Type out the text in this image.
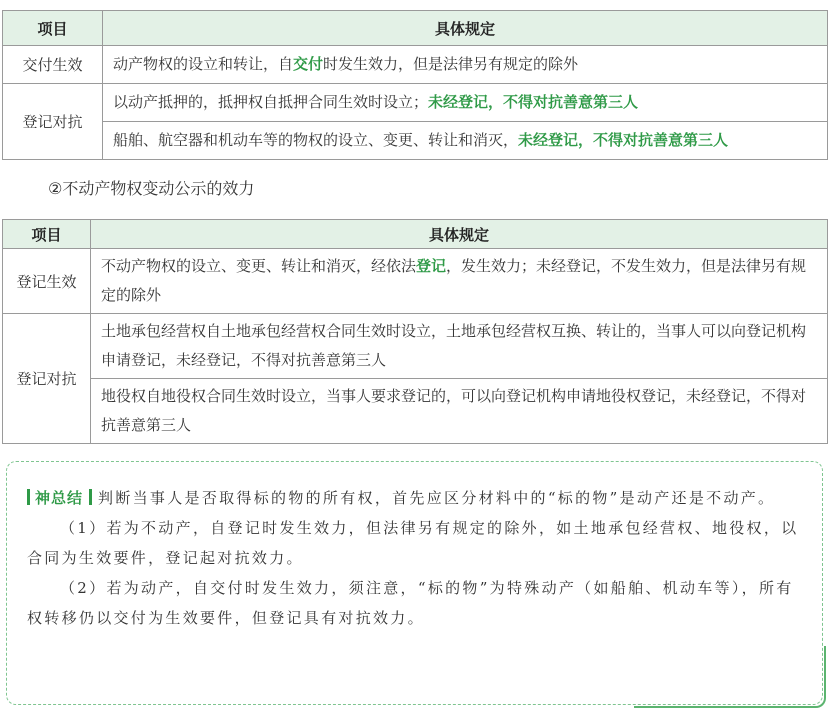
项目	具体规定
交付生效	动产物权的设立和转让，自交付时发生效力，但是法律另有规定的除外
登记对抗	以动产抵押的，抵押权自抵押合同生效时设立；未经登记，不得对抗善意第三人
	船舶、航空器和机动车等的物权的设立、变更、转让和消灭，未经登记，不得对抗善意第三人
②不动产物权变动公示的效力
项目	具体规定
登记生效	不动产物权的设立、变更、转让和消灭，经依法登记，发生效力；未经登记，不发生效力，但是法律另有规定的除外
登记对抗	土地承包经营权自土地承包经营权合同生效时设立，土地承包经营权互换、转让的，当事人可以向登记机构申请登记，未经登记，不得对抗善意第三人
	地役权自地役权合同生效时设立，当事人要求登记的，可以向登记机构申请地役权登记，未经登记，不得对抗善意第三人

神总结 判断当事人是否取得标的物的所有权，首先应区分材料中的“标的物”是动产还是不动产。

（1）若为不动产，自登记时发生效力，但法律另有规定的除外，如土地承包经营权、地役权，以合同为生效要件，登记起对抗效力。

（2）若为动产，自交付时发生效力，须注意，“标的物”为特殊动产（如船舶、机动车等），所有权转移仍以交付为生效要件，但登记具有对抗效力。
